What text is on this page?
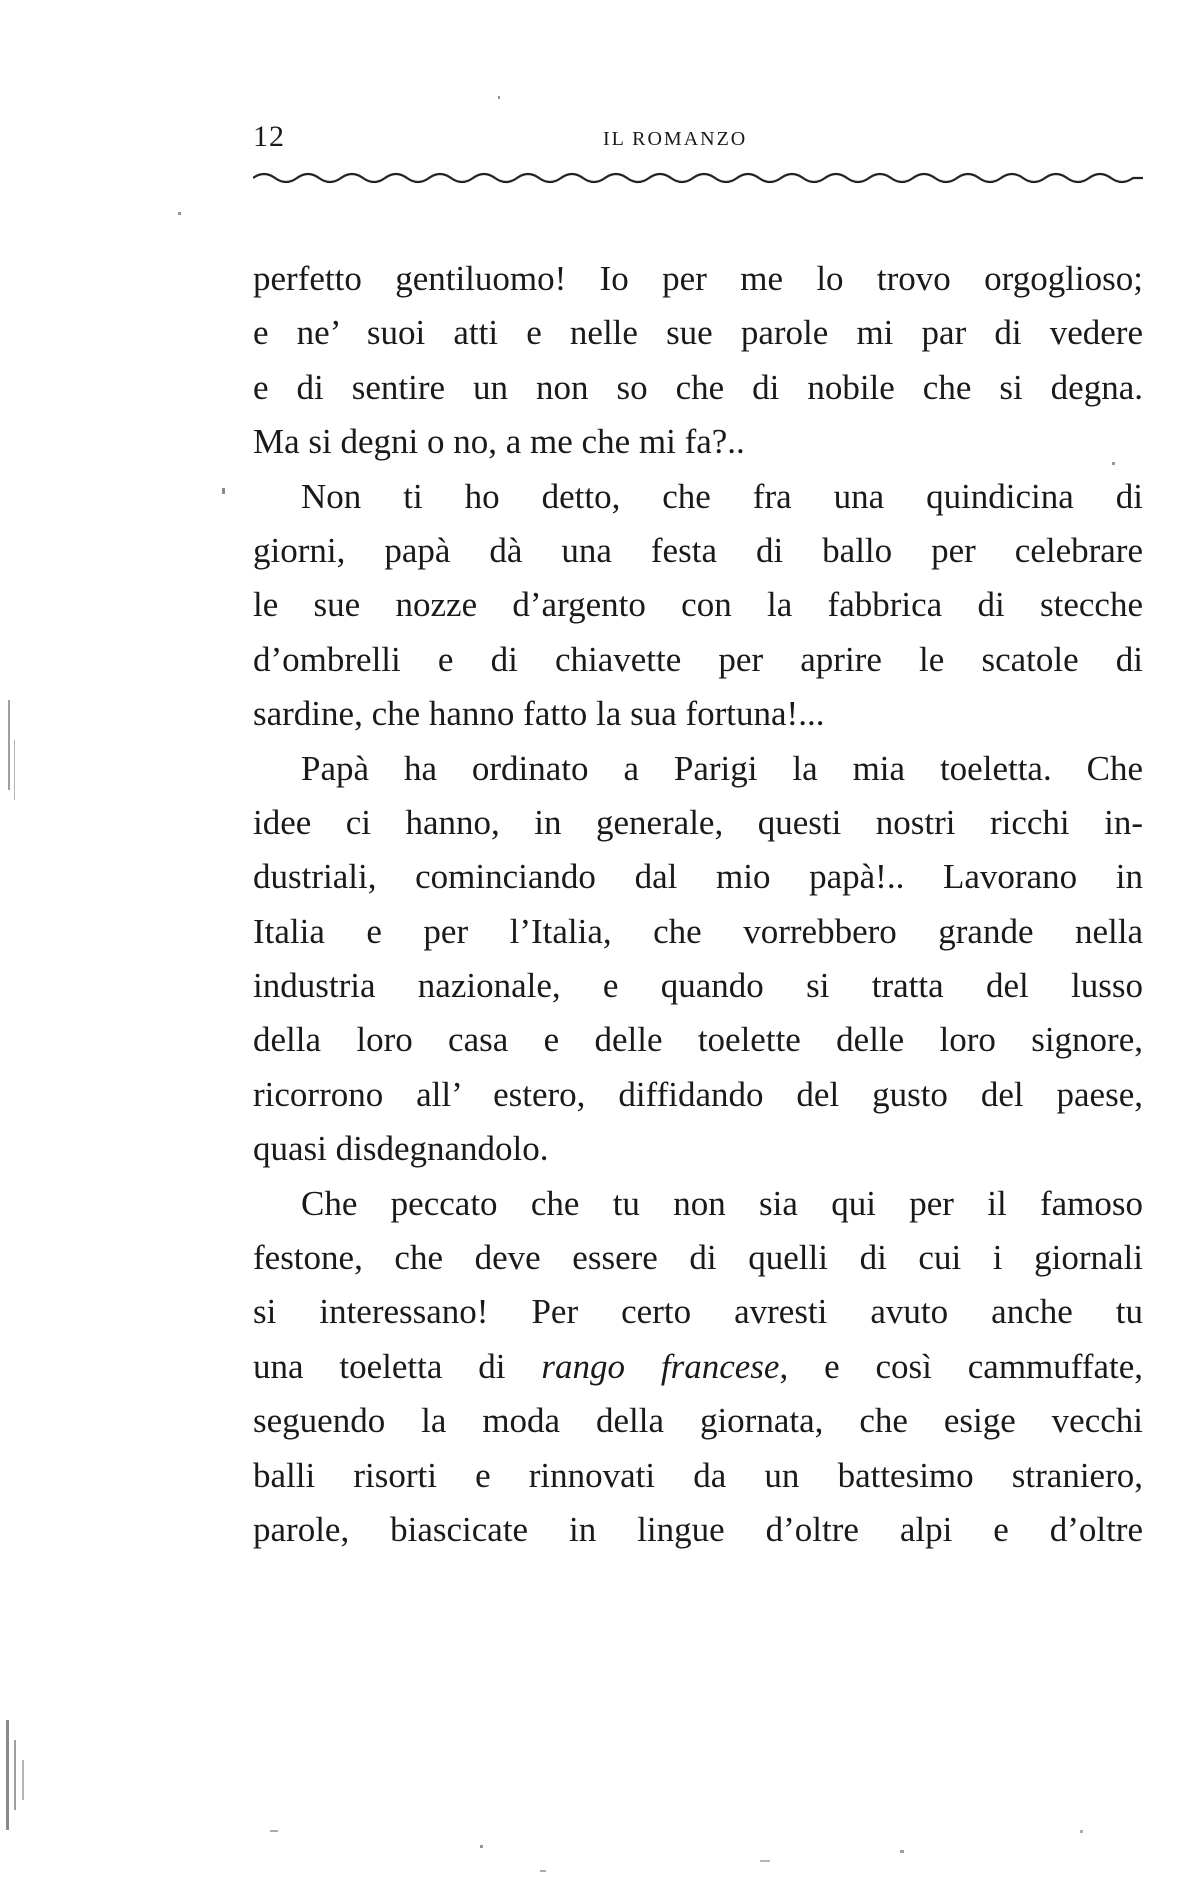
12	IL ROMANZO
perfetto gentiluomo! Io per me lo trovo orgoglioso;
e ne’ suoi atti e nelle sue parole mi par di vedere
e di sentire un non so che di nobile che si degna.
Ma si degni o no, a me che mi fa?..
Non ti ho detto, che fra una quindicina di
giorni, papà dà una festa di ballo per celebrare
le sue nozze d’argento con la fabbrica di stecche
d’ombrelli e di chiavette per aprire le scatole di
sardine, che hanno fatto la sua fortuna!...
Papà ha ordinato a Parigi la mia toeletta. Che
idee ci hanno, in generale, questi nostri ricchi in-
dustriali, cominciando dal mio papà!.. Lavorano in
Italia e per l’Italia, che vorrebbero grande nella
industria nazionale, e quando si tratta del lusso
della loro casa e delle toelette delle loro signore,
ricorrono all’ estero, diffidando del gusto del paese,
quasi disdegnandolo.
Che peccato che tu non sia qui per il famoso
festone, che deve essere di quelli di cui i giornali
si interessano! Per certo avresti avuto anche tu
una toeletta di rango francese, e così cammuffate,
seguendo la moda della giornata, che esige vecchi
balli risorti e rinnovati da un battesimo straniero,
parole, biascicate in lingue d’oltre alpi e d’oltre
